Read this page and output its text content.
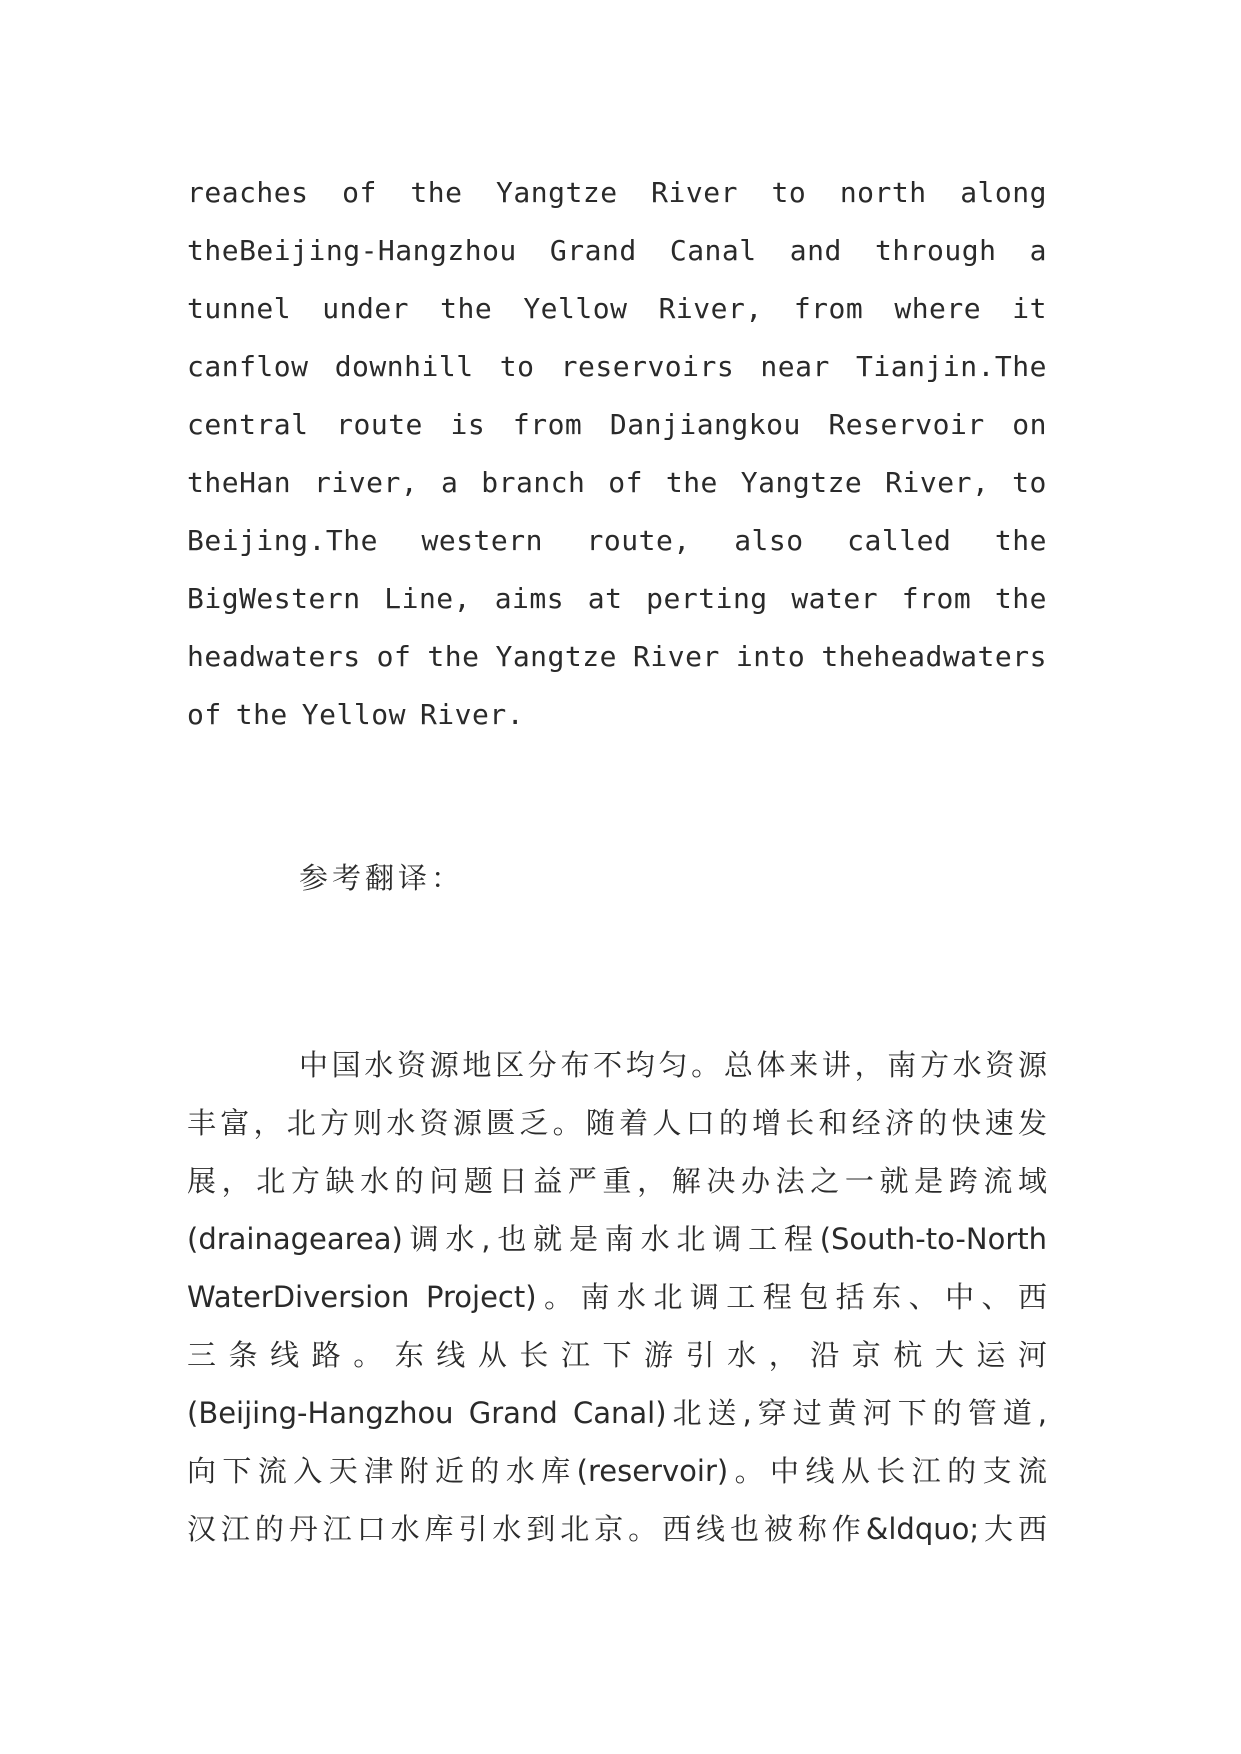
reaches of the Yangtze River to north along
theBeijing-Hangzhou Grand Canal and through a
tunnel under the Yellow River, from where it
canflow downhill to reservoirs near Tianjin.The
central route is from Danjiangkou Reservoir on
theHan river, a branch of the Yangtze River, to
Beijing.The western route, also called the
BigWestern Line, aims at perting water from the
headwaters of the Yangtze River into theheadwaters
of the Yellow River.
参考翻译：
中国水资源地区分布不均匀。总体来讲，南方水资源
丰富，北方则水资源匮乏。随着人口的增长和经济的快速发
展，北方缺水的问题日益严重，解决办法之一就是跨流域
(drainagearea)调水,也就是南水北调工程(South-to-North
WaterDiversion Project)。南水北调工程包括东、中、西
三条线路。东线从长江下游引水，沿京杭大运河
(Beijing-Hangzhou Grand Canal)北送,穿过黄河下的管道,
向下流入天津附近的水库(reservoir)。中线从长江的支流
汉江的丹江口水库引水到北京。西线也被称作&ldquo;大西
